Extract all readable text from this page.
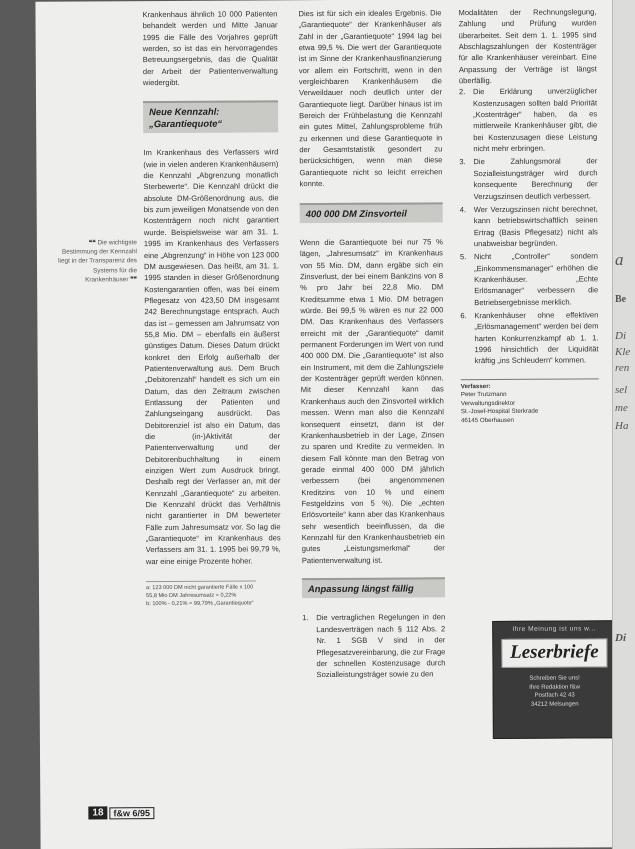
❝❝ Die wichtigste Bestimmung der Kennzahl liegt in der Transparenz des Systems für die Krankenhäuser ❞❞

Krankenhaus ähnlich 10 000 Patienten behandelt werden und Mitte Januar 1995 die Fälle des Vorjahres geprüft werden, so ist das ein hervorragendes Betreuungsergebnis, das die Qualität der Arbeit der Patientenverwaltung wiedergibt.

Neue Kennzahl: „Garantiequote“

Im Krankenhaus des Verfassers wird (wie in vielen anderen Krankenhäusern) die Kennzahl „Abgrenzung monatlich Sterbewerte“. Die Kennzahl drückt die absolute DM-Größenordnung aus, die bis zum jeweiligen Monatsende von den Kostenträgern noch nicht garantiert wurde. Beispielsweise war am 31. 1. 1995 im Krankenhaus des Verfassers eine „Abgrenzung“ in Höhe von 123 000 DM ausgewiesen. Das heißt, am 31. 1. 1995 standen in dieser Größenordnung Kostengarantien offen, was bei einem Pflegesatz von 423,50 DM insgesamt 242 Berechnungstage entsprach. Auch das ist – gemessen am Jahrumsatz von 55,8 Mio. DM – ebenfalls ein äußerst günstiges Datum. Dieses Datum drückt konkret den Erfolg außerhalb der Patientenverwaltung aus. Dem Bruch „Debitorenzahl“ handelt es sich um ein Datum, das den Zeitraum zwischen Entlassung der Patienten und Zahlungseingang ausdrückt. Das Debitorenziel ist also ein Datum, das die (in-)Aktivität der Patientenverwaltung und der Debitorenbuchhaltung in einem einzigen Wert zum Ausdruck bringt. Deshalb regt der Verfasser an, mit der Kennzahl „Garantiequote“ zu arbeiten. Die Kennzahl drückt das Verhältnis nicht garantierter in DM bewerteter Fälle zum Jahresumsatz vor. So lag die „Garantiequote“ im Krankenhaus des Verfassers am 31. 1. 1995 bei 99,79 %, war eine einige Prozente hoher.

a: 123 000 DM nicht garantierte Fälle x 100
55,8 Mio DM Jahresumsatz = 0,22%
b: 100% - 0,21% = 99,79% „Garantiequote“

Dies ist für sich ein ideales Ergebnis. Die „Garantiequote“ der Krankenhäuser als Zahl in der „Garantiequote“ 1994 lag bei etwa 99,5 %. Die wert der Garantiequote ist im Sinne der Krankenhausfinanzierung vor allem ein Fortschritt, wenn in den vergleichbaren Krankenhäusern die Verweildauer noch deutlich unter der Garantiequote liegt. Darüber hinaus ist im Bereich der Frühbelastung die Kennzahl ein gutes Mittel, Zahlungsprobleme früh zu erkennen und diese Garantiequote in der Gesamtstatistik gesondert zu berücksichtigen, wenn man diese Garantiequote nicht so leicht erreichen konnte.

400 000 DM Zinsvorteil

Wenn die Garantiequote bei nur 75 % lägen, „Jahresumsatz“ im Krankenhaus von 55 Mio. DM, dann ergäbe sich ein Zinsverlust, der bei einem Bankzins von 8 % pro Jahr bei 22,8 Mio. DM Kreditsumme etwa 1 Mio. DM betragen würde. Bei 99,5 % wären es nur 22 000 DM. Das Krankenhaus des Verfassers erreicht mit der „Garantiequote“ damit permanent Forderungen im Wert von rund 400 000 DM. Die „Garantiequote“ ist also ein Instrument, mit dem die Zahlungsziele der Kostenträger geprüft werden können. Mit dieser Kennzahl kann das Krankenhaus auch den Zinsvorteil wirklich messen. Wenn man also die Kennzahl konsequent einsetzt, dann ist der Krankenhausbetrieb in der Lage, Zinsen zu sparen und Kredite zu vermeiden. In diesem Fall könnte man den Betrag von gerade einmal 400 000 DM jährlich verbessern (bei angenommenen Kreditzins von 10 % und einem Festgeldzins von 5 %). Die „echten Erlösvorteile“ kann aber das Krankenhaus sehr wesentlich beeinflussen, da die Kennzahl für den Krankenhausbetrieb ein gutes „Leistungsmerkmal“ der Patientenverwaltung ist.

Anpassung längst fällig
1. Die vertraglichen Regelungen in den Landesverträgen nach § 112 Abs. 2 Nr. 1 SGB V sind in der Pflegesatzvereinbarung, die zur Frage der schnellen Kostenzusage durch Sozialleistungsträger sowie zu den

Modalitäten der Rechnungslegung, Zahlung und Prüfung wurden überarbeitet. Seit dem 1. 1. 1995 sind Abschlagszahlungen der Kostenträger für alle Krankenhäuser vereinbart. Eine Anpassung der Verträge ist längst überfällig.

2. Die Erklärung unverzüglicher Kostenzusagen sollten bald Priorität „Kostenträger“ haben, da es mittlerweile Krankenhäuser gibt, die bei Kostenzusagen diese Leistung nicht mehr erbringen.
3. Die Zahlungsmoral der Sozialleistungsträger wird durch konsequente Berechnung der Verzugszinsen deutlich verbessert.
4. Wer Verzugszinsen nicht berechnet, kann betriebswirtschaftlich seinen Ertrag (Basis Pflegesatz) nicht als unabweisbar begründen.
5. Nicht „Controller“ sondern „Einkommensmanager“ erhöhen die Krankenhäuser. „Echte Erlösmanager“ verbessern die Betriebsergebnisse merklich.
6. Krankenhäuser ohne effektiven „Erlösmanagement“ werden bei dem harten Konkurrenzkampf ab 1. 1. 1996 hinsichtlich der Liquidität kräftig „ins Schleudern“ kommen.
Verfasser:
Peter Trutzmann
Verwaltungsdirektor
St.-Josef-Hospital Sterkrade
46145 Oberhausen
Ihre Meinung ist uns w...
Leserbriefe
Schreiben Sie uns!
Ihre Redaktion f&w
Postfach 42 43
34212 Melsungen
18	f&w 6/95
a
Be
Di
Kle
ren
sel
me
Ha
Di
